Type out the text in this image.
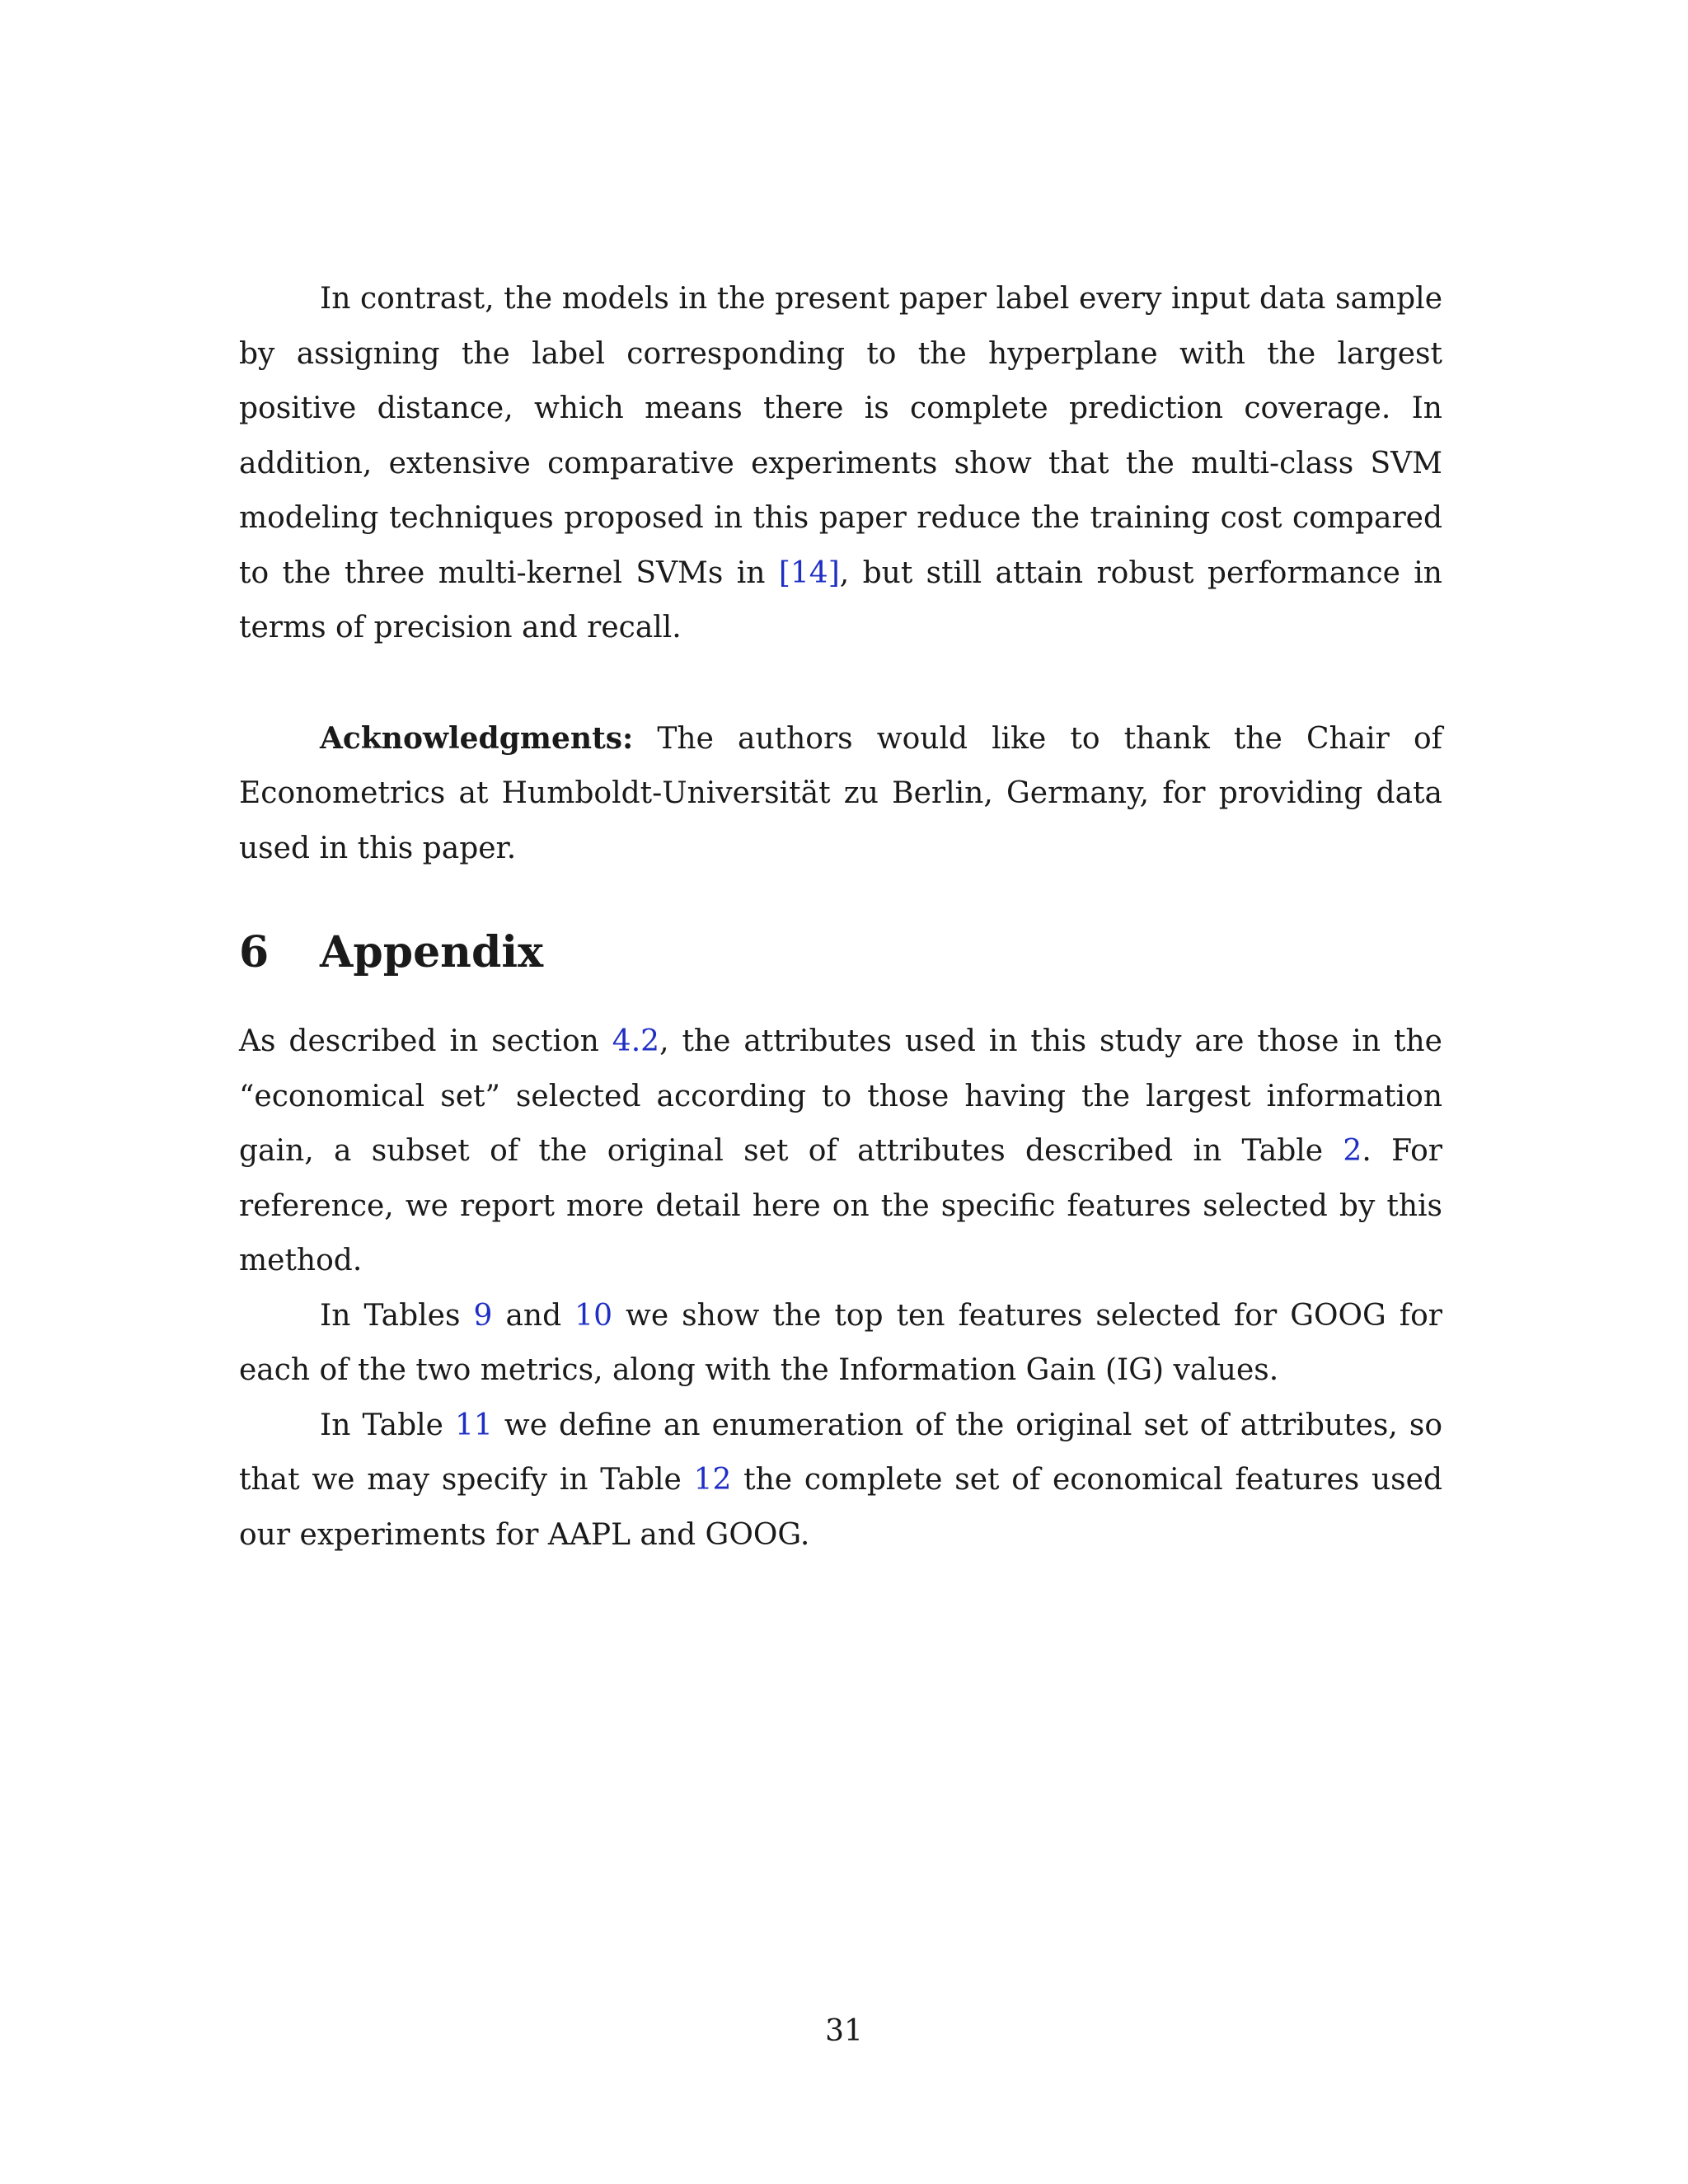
In contrast, the models in the present paper label every input data sample by assigning the label corresponding to the hyperplane with the largest positive distance, which means there is complete prediction coverage. In addition, extensive comparative experiments show that the multi-class SVM modeling techniques proposed in this paper reduce the training cost compared to the three multi-kernel SVMs in [14], but still attain robust performance in terms of precision and recall.

Acknowledgments: The authors would like to thank the Chair of Econometrics at Humboldt-Universität zu Berlin, Germany, for providing data used in this paper.

6 Appendix

As described in section 4.2, the attributes used in this study are those in the “economical set” selected according to those having the largest information gain, a subset of the original set of attributes described in Table 2. For reference, we report more detail here on the specific features selected by this method.

In Tables 9 and 10 we show the top ten features selected for GOOG for each of the two metrics, along with the Information Gain (IG) values.

In Table 11 we define an enumeration of the original set of attributes, so that we may specify in Table 12 the complete set of economical features used our experiments for AAPL and GOOG.

31
